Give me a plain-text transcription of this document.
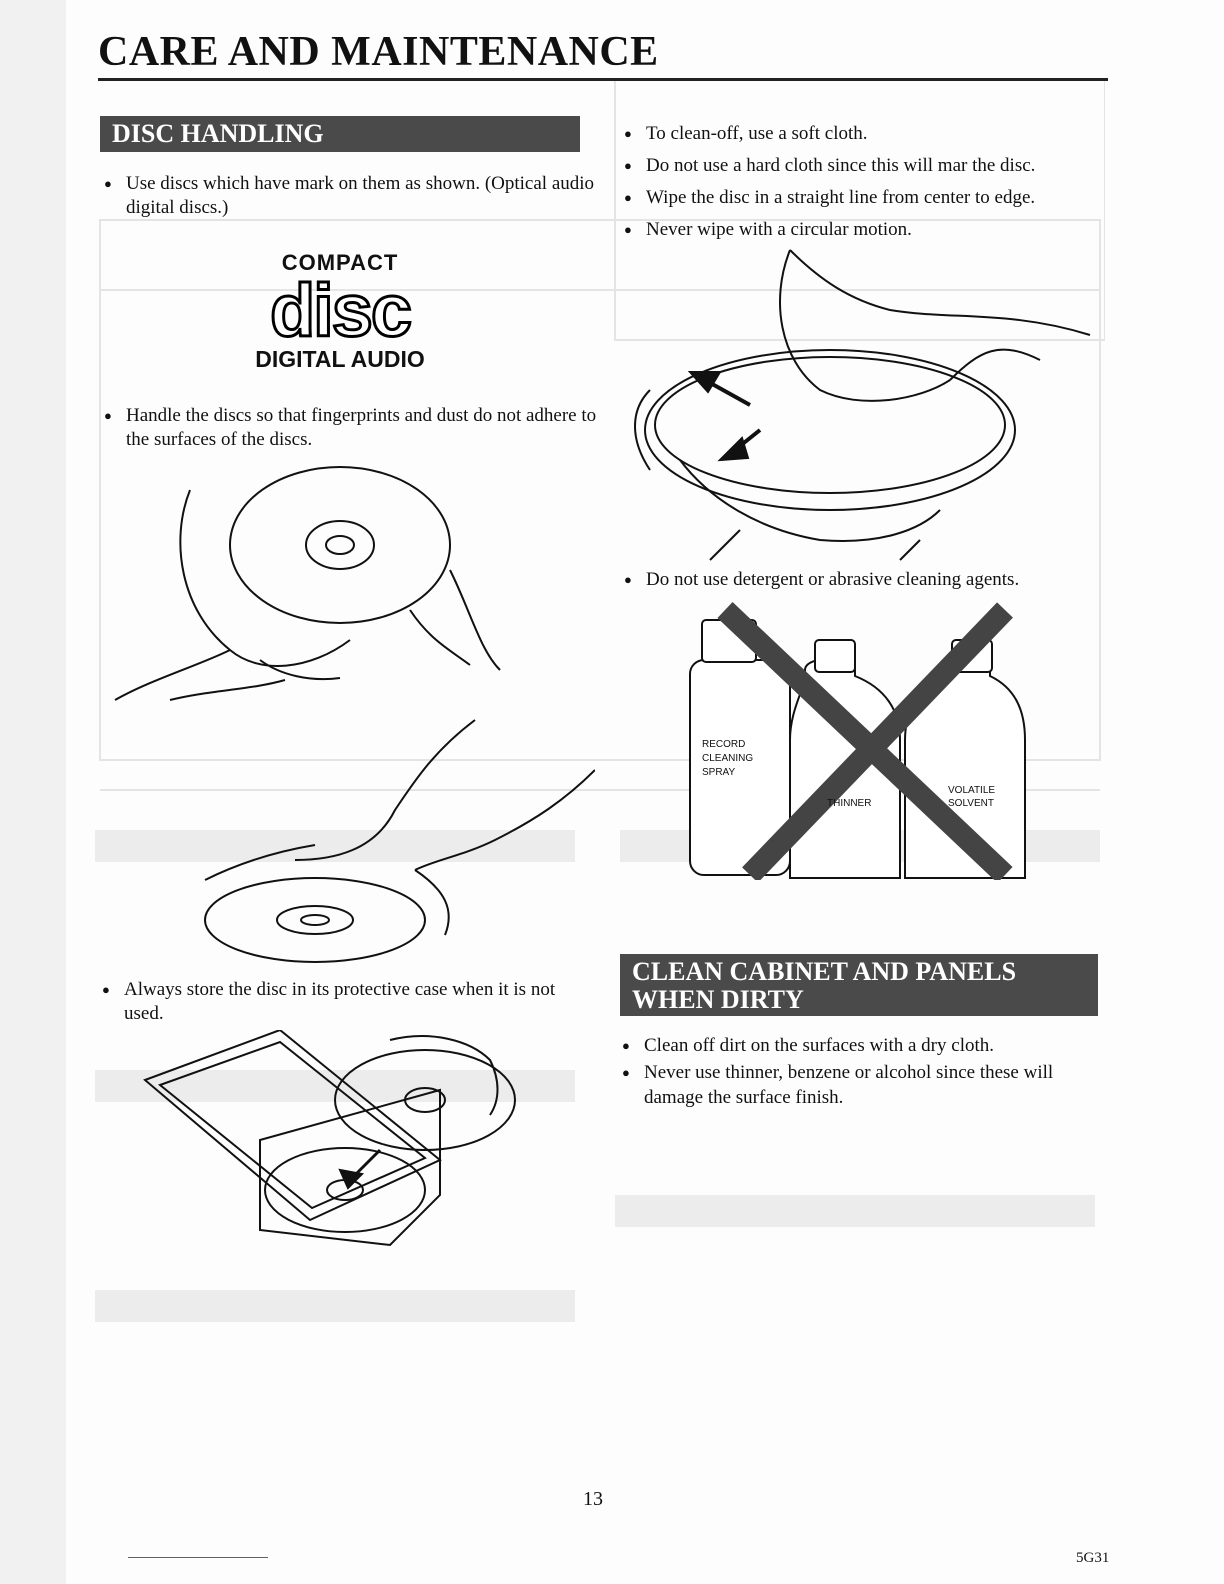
CARE AND MAINTENANCE
DISC HANDLING
● Use discs which have mark on them as shown. (Optical audio digital discs.)
COMPACT
disc
DIGITAL AUDIO
● Handle the discs so that fingerprints and dust do not adhere to the surfaces of the discs.
● Always store the disc in its protective case when it is not used.
● To clean-off, use a soft cloth.
● Do not use a hard cloth since this will mar the disc.
● Wipe the disc in a straight line from center to edge.
● Never wipe with a circular motion.
● Do not use detergent or abrasive cleaning agents.
RECORD
CLEANING
SPRAY
THINNER
VOLATILE
SOLVENT
CLEAN CABINET AND PANELS
WHEN DIRTY
● Clean off dirt on the surfaces with a dry cloth.
● Never use thinner, benzene or alcohol since these will damage the surface finish.
13
5G31
